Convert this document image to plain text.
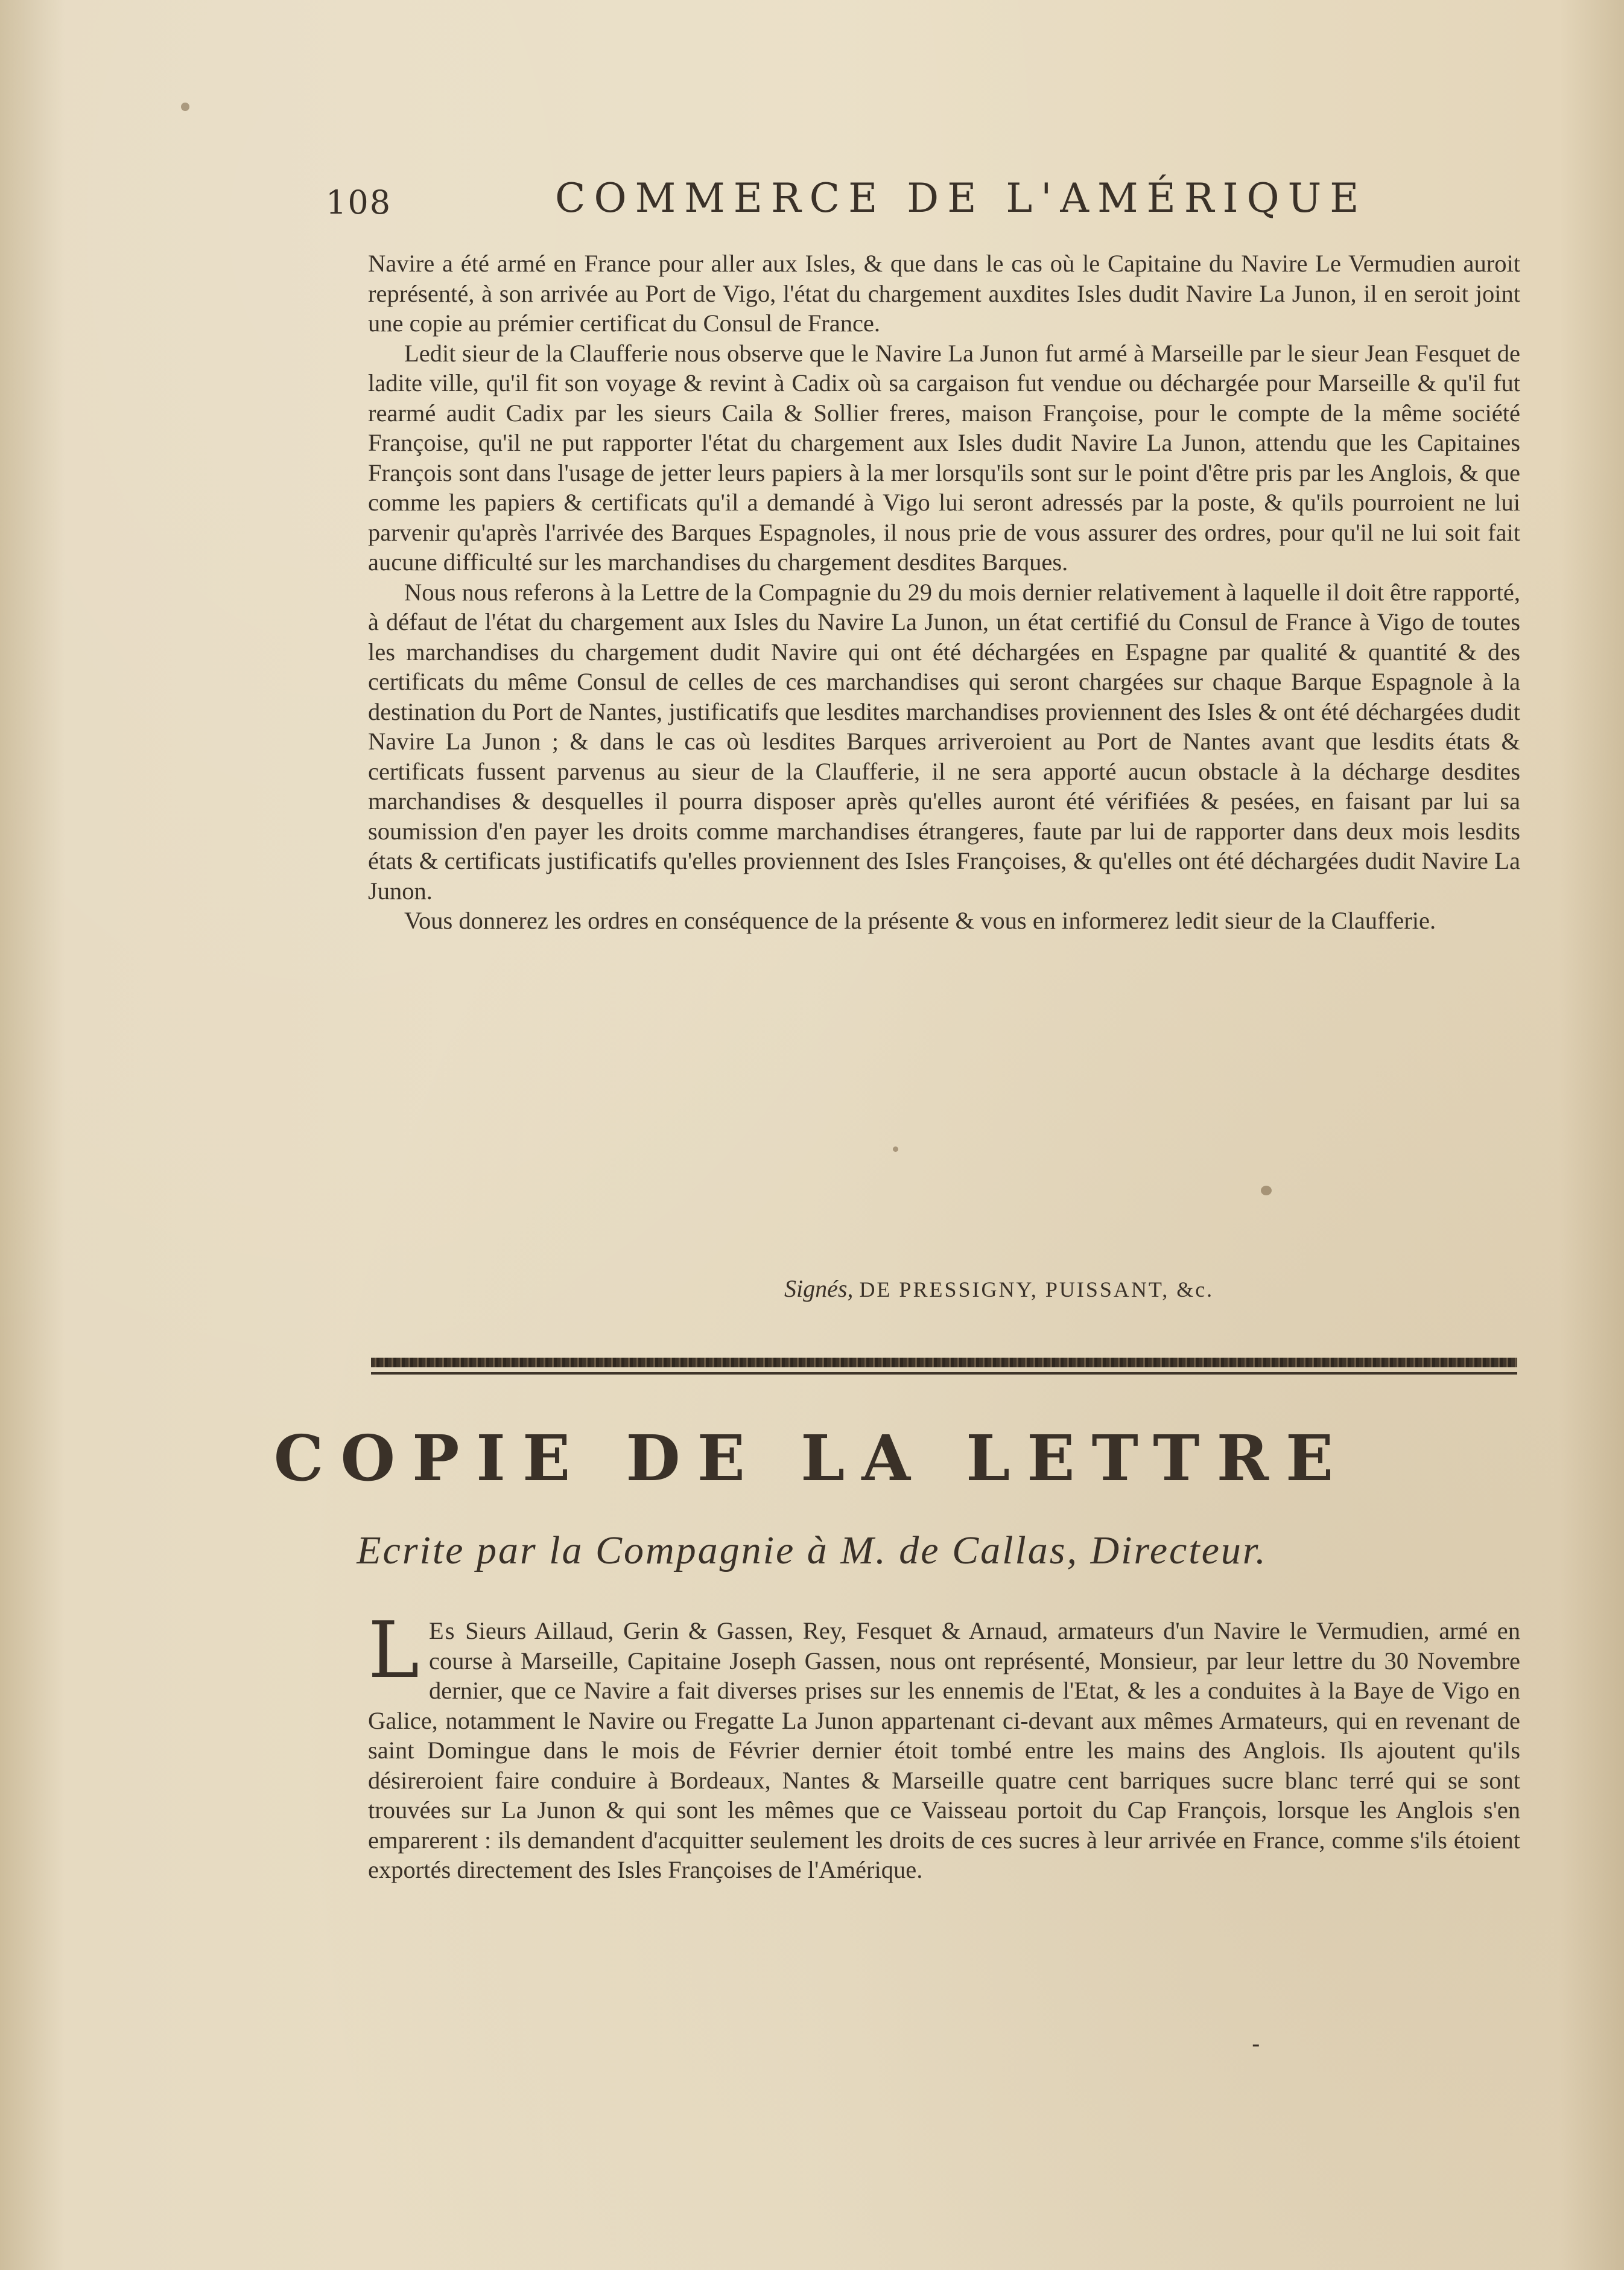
108	COMMERCE DE L'AMÉRIQUE

Navire a été armé en France pour aller aux Isles, & que dans le cas où le Capitaine du Navire Le Vermudien auroit représenté, à son arrivée au Port de Vigo, l'état du chargement auxdites Isles dudit Navire La Junon, il en seroit joint une copie au prémier certificat du Consul de France.

Ledit sieur de la Claufferie nous observe que le Navire La Junon fut armé à Marseille par le sieur Jean Fesquet de ladite ville, qu'il fit son voyage & revint à Cadix où sa cargaison fut vendue ou déchargée pour Marseille & qu'il fut rearmé audit Cadix par les sieurs Caila & Sollier freres, maison Françoise, pour le compte de la même société Françoise, qu'il ne put rapporter l'état du chargement aux Isles dudit Navire La Junon, attendu que les Capitaines François sont dans l'usage de jetter leurs papiers à la mer lorsqu'ils sont sur le point d'être pris par les Anglois, & que comme les papiers & certificats qu'il a demandé à Vigo lui seront adressés par la poste, & qu'ils pourroient ne lui parvenir qu'après l'arrivée des Barques Espagnoles, il nous prie de vous assurer des ordres, pour qu'il ne lui soit fait aucune difficulté sur les marchandises du chargement desdites Barques.

Nous nous referons à la Lettre de la Compagnie du 29 du mois dernier relativement à laquelle il doit être rapporté, à défaut de l'état du chargement aux Isles du Navire La Junon, un état certifié du Consul de France à Vigo de toutes les marchandises du chargement dudit Navire qui ont été déchargées en Espagne par qualité & quantité & des certificats du même Consul de celles de ces marchandises qui seront chargées sur chaque Barque Espagnole à la destination du Port de Nantes, justificatifs que lesdites marchandises proviennent des Isles & ont été déchargées dudit Navire La Junon ; & dans le cas où lesdites Barques arriveroient au Port de Nantes avant que lesdits états & certificats fussent parvenus au sieur de la Claufferie, il ne sera apporté aucun obstacle à la décharge desdites marchandises & desquelles il pourra disposer après qu'elles auront été vérifiées & pesées, en faisant par lui sa soumission d'en payer les droits comme marchandises étrangeres, faute par lui de rapporter dans deux mois lesdits états & certificats justificatifs qu'elles proviennent des Isles Françoises, & qu'elles ont été déchargées dudit Navire La Junon.

Vous donnerez les ordres en conséquence de la présente & vous en informerez ledit sieur de la Claufferie.

Signés, DE PRESSIGNY, PUISSANT, &c.
COPIE DE LA LETTRE
Ecrite par la Compagnie à M. de Callas, Directeur.

L Es Sieurs Aillaud, Gerin & Gassen, Rey, Fesquet & Arnaud, armateurs d'un Navire le Vermudien, armé en course à Marseille, Capitaine Joseph Gassen, nous ont représenté, Monsieur, par leur lettre du 30 Novembre dernier, que ce Navire a fait diverses prises sur les ennemis de l'Etat, & les a conduites à la Baye de Vigo en Galice, notamment le Navire ou Fregatte La Junon appartenant ci-devant aux mêmes Armateurs, qui en revenant de saint Domingue dans le mois de Février dernier étoit tombé entre les mains des Anglois. Ils ajoutent qu'ils désireroient faire conduire à Bordeaux, Nantes & Marseille quatre cent barriques sucre blanc terré qui se sont trouvées sur La Junon & qui sont les mêmes que ce Vaisseau portoit du Cap François, lorsque les Anglois s'en emparerent : ils demandent d'acquitter seulement les droits de ces sucres à leur arrivée en France, comme s'ils étoient exportés directement des Isles Françoises de l'Amérique.

-
